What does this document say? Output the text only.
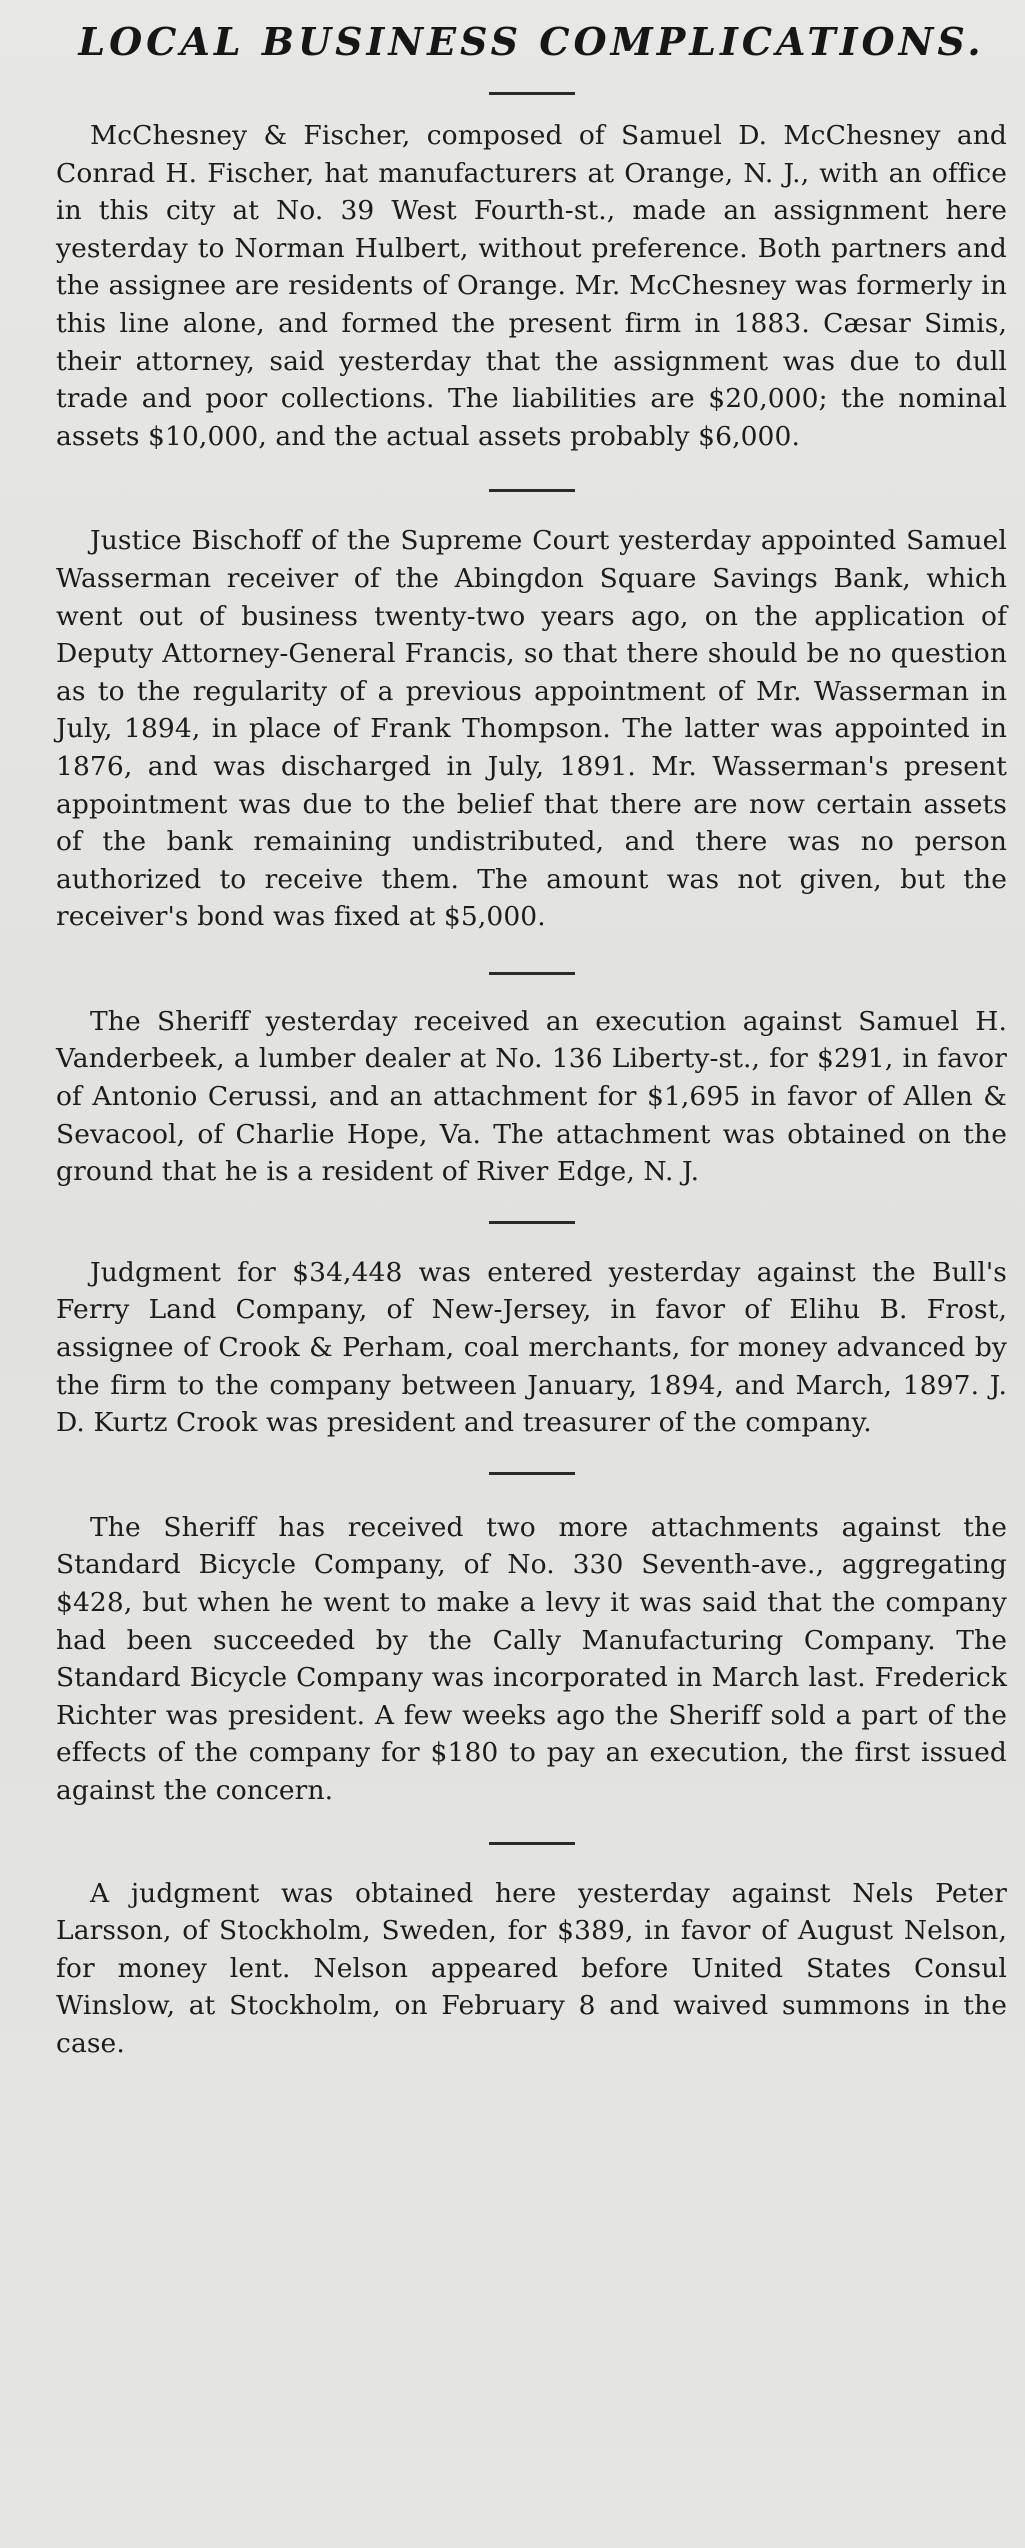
LOCAL BUSINESS COMPLICATIONS.

McChesney & Fischer, composed of Samuel D. McChesney and Conrad H. Fischer, hat manufacturers at Orange, N. J., with an office in this city at No. 39 West Fourth-st., made an assignment here yesterday to Norman Hulbert, without preference. Both partners and the assignee are residents of Orange. Mr. McChesney was formerly in this line alone, and formed the present firm in 1883. Cæsar Simis, their attorney, said yesterday that the assignment was due to dull trade and poor collections. The liabilities are $20,000; the nominal assets $10,000, and the actual assets probably $6,000.

Justice Bischoff of the Supreme Court yesterday appointed Samuel Wasserman receiver of the Abingdon Square Savings Bank, which went out of business twenty-two years ago, on the application of Deputy Attorney-General Francis, so that there should be no question as to the regularity of a previous appointment of Mr. Wasserman in July, 1894, in place of Frank Thompson. The latter was appointed in 1876, and was discharged in July, 1891. Mr. Wasserman's present appointment was due to the belief that there are now certain assets of the bank remaining undistributed, and there was no person authorized to receive them. The amount was not given, but the receiver's bond was fixed at $5,000.

The Sheriff yesterday received an execution against Samuel H. Vanderbeek, a lumber dealer at No. 136 Liberty-st., for $291, in favor of Antonio Cerussi, and an attachment for $1,695 in favor of Allen & Sevacool, of Charlie Hope, Va. The attachment was obtained on the ground that he is a resident of River Edge, N. J.

Judgment for $34,448 was entered yesterday against the Bull's Ferry Land Company, of New-Jersey, in favor of Elihu B. Frost, assignee of Crook & Perham, coal merchants, for money advanced by the firm to the company between January, 1894, and March, 1897. J. D. Kurtz Crook was president and treasurer of the company.

The Sheriff has received two more attachments against the Standard Bicycle Company, of No. 330 Seventh-ave., aggregating $428, but when he went to make a levy it was said that the company had been succeeded by the Cally Manufacturing Company. The Standard Bicycle Company was incorporated in March last. Frederick Richter was president. A few weeks ago the Sheriff sold a part of the effects of the company for $180 to pay an execution, the first issued against the concern.

A judgment was obtained here yesterday against Nels Peter Larsson, of Stockholm, Sweden, for $389, in favor of August Nelson, for money lent. Nelson appeared before United States Consul Winslow, at Stockholm, on February 8 and waived summons in the case.
